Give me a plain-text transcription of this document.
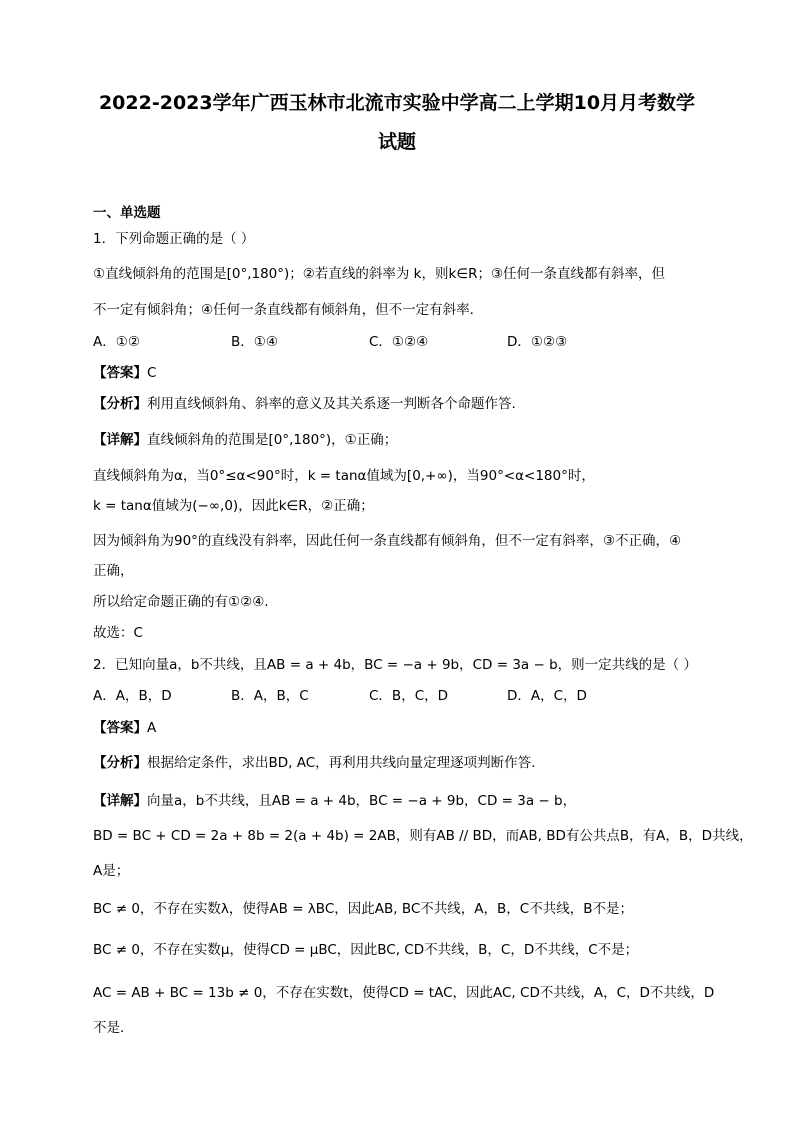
2022-2023学年广西玉林市北流市实验中学高二上学期10月月考数学
试题
一、单选题
1．下列命题正确的是（ ）
①直线倾斜角的范围是[0°,180°)；②若直线的斜率为 k，则k∈R；③任何一条直线都有斜率，但
不一定有倾斜角；④任何一条直线都有倾斜角，但不一定有斜率．
A．①②	B．①④	C．①②④	D．①②③
【答案】C
【分析】利用直线倾斜角、斜率的意义及其关系逐一判断各个命题作答.
【详解】直线倾斜角的范围是[0°,180°)，①正确；
直线倾斜角为α，当0°≤α<90°时，k = tanα值域为[0,+∞)，当90°<α<180°时，
k = tanα值域为(−∞,0)，因此k∈R，②正确；
因为倾斜角为90°的直线没有斜率，因此任何一条直线都有倾斜角，但不一定有斜率，③不正确，④
正确，
所以给定命题正确的有①②④.
故选：C
2．已知向量a，b不共线，且AB = a + 4b，BC = −a + 9b，CD = 3a − b，则一定共线的是（ ）
A．A，B，D	B．A，B，C	C．B，C，D	D．A，C，D
【答案】A
【分析】根据给定条件，求出BD, AC，再利用共线向量定理逐项判断作答.
【详解】向量a，b不共线，且AB = a + 4b，BC = −a + 9b，CD = 3a − b，
BD = BC + CD = 2a + 8b = 2(a + 4b) = 2AB，则有AB // BD，而AB, BD有公共点B，有A，B，D共线，
A是；
BC ≠ 0，不存在实数λ，使得AB = λBC，因此AB, BC不共线，A，B，C不共线，B不是；
BC ≠ 0，不存在实数μ，使得CD = μBC，因此BC, CD不共线，B，C，D不共线，C不是；
AC = AB + BC = 13b ≠ 0，不存在实数t，使得CD = tAC，因此AC, CD不共线，A，C，D不共线，D
不是.
